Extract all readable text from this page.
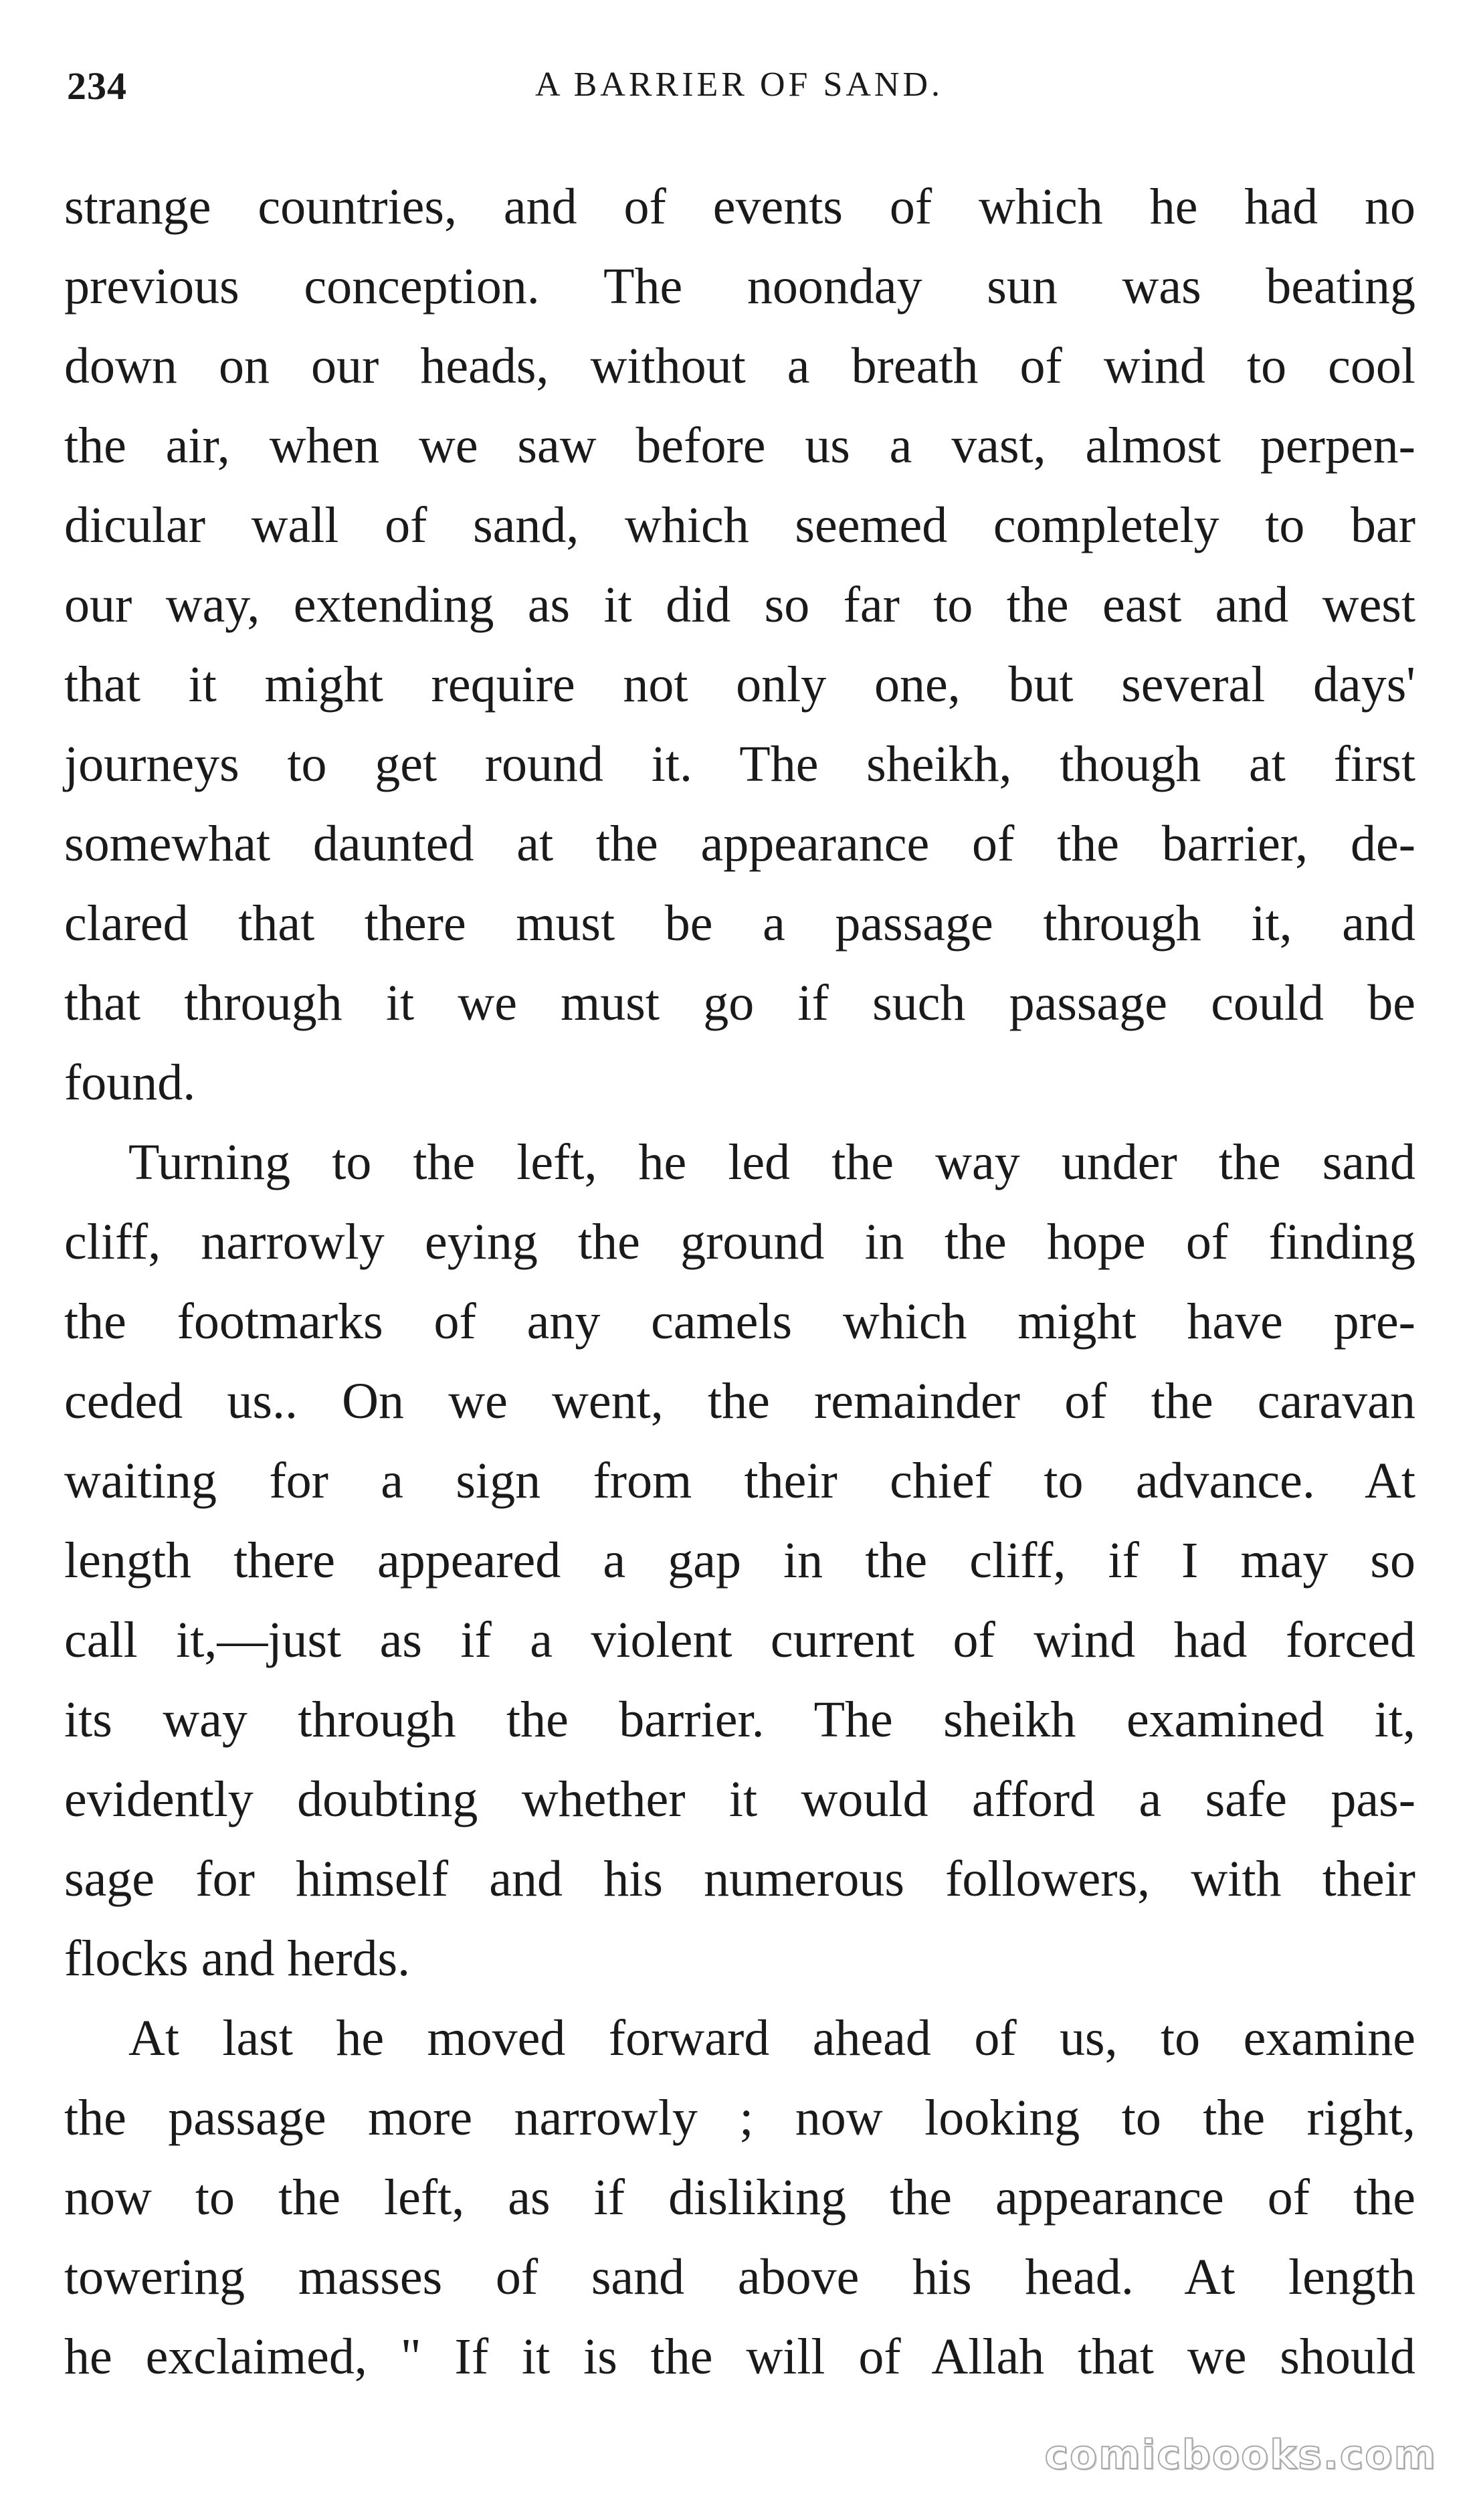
234	A BARRIER OF SAND.
strange countries, and of events of which he had no
previous conception. The noonday sun was beating
down on our heads, without a breath of wind to cool
the air, when we saw before us a vast, almost perpen-
dicular wall of sand, which seemed completely to bar
our way, extending as it did so far to the east and west
that it might require not only one, but several days'
journeys to get round it. The sheikh, though at first
somewhat daunted at the appearance of the barrier, de-
clared that there must be a passage through it, and
that through it we must go if such passage could be
found.
Turning to the left, he led the way under the sand
cliff, narrowly eying the ground in the hope of finding
the footmarks of any camels which might have pre-
ceded us.. On we went, the remainder of the caravan
waiting for a sign from their chief to advance. At
length there appeared a gap in the cliff, if I may so
call it,—just as if a violent current of wind had forced
its way through the barrier. The sheikh examined it,
evidently doubting whether it would afford a safe pas-
sage for himself and his numerous followers, with their
flocks and herds.
At last he moved forward ahead of us, to examine
the passage more narrowly ; now looking to the right,
now to the left, as if disliking the appearance of the
towering masses of sand above his head. At length
he exclaimed, " If it is the will of Allah that we should
comicbooks.com
